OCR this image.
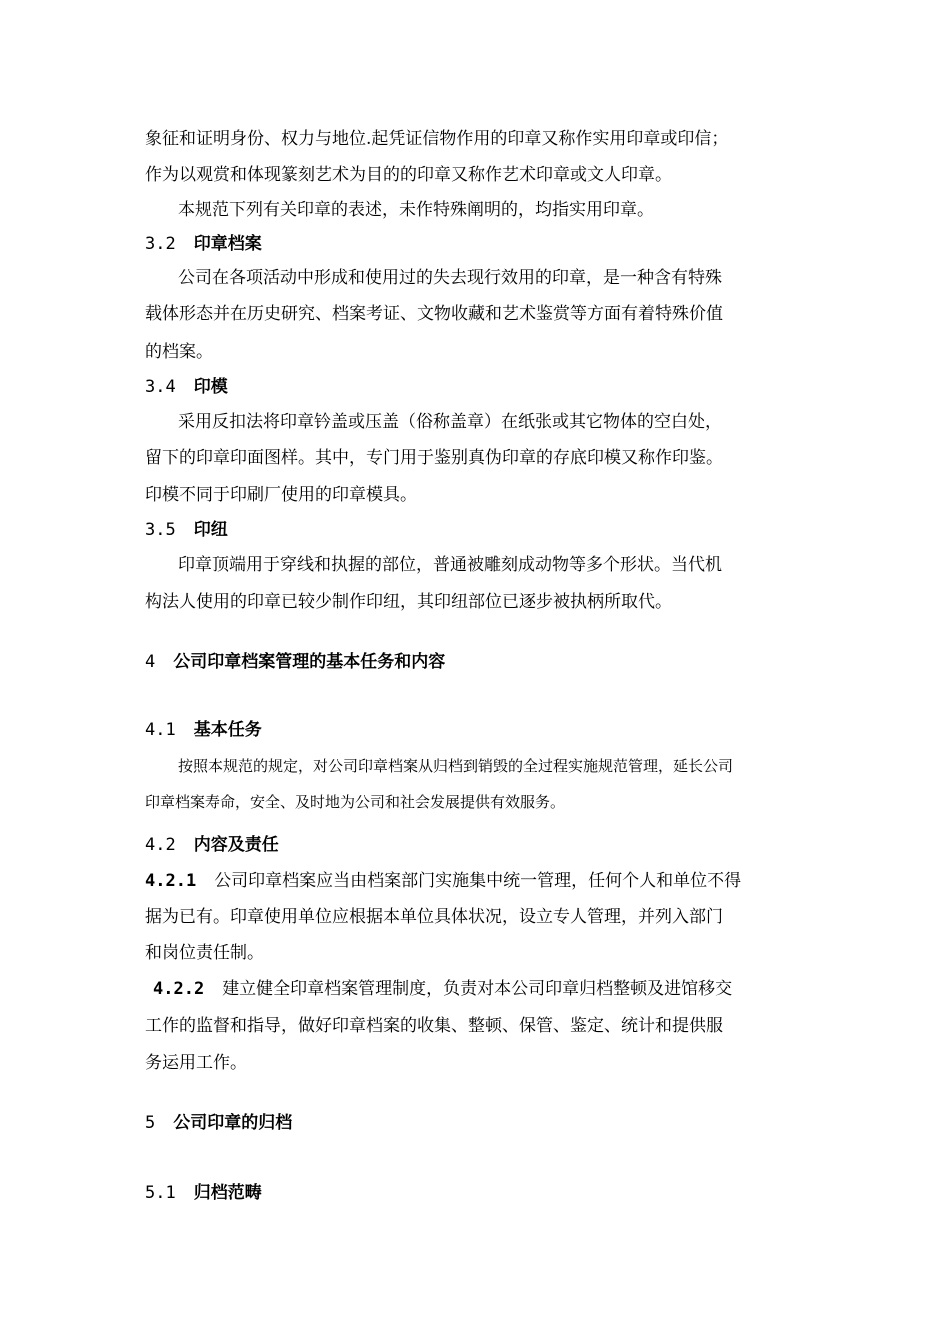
象征和证明身份、权力与地位.起凭证信物作用的印章又称作实用印章或印信；
作为以观赏和体现篆刻艺术为目的的印章又称作艺术印章或文人印章。
本规范下列有关印章的表述，未作特殊阐明的，均指实用印章。
3.2 印章档案
公司在各项活动中形成和使用过的失去现行效用的印章，是一种含有特殊
载体形态并在历史研究、档案考证、文物收藏和艺术鉴赏等方面有着特殊价值
的档案。
3.4 印模
采用反扣法将印章钤盖或压盖（俗称盖章）在纸张或其它物体的空白处，
留下的印章印面图样。其中，专门用于鉴别真伪印章的存底印模又称作印鉴。
印模不同于印刷厂使用的印章模具。
3.5 印纽
印章顶端用于穿线和执握的部位，普通被雕刻成动物等多个形状。当代机
构法人使用的印章已较少制作印纽，其印纽部位已逐步被执柄所取代。
4 公司印章档案管理的基本任务和内容
4.1 基本任务
按照本规范的规定，对公司印章档案从归档到销毁的全过程实施规范管理，延长公司
印章档案寿命，安全、及时地为公司和社会发展提供有效服务。
4.2 内容及责任
4.2.1 公司印章档案应当由档案部门实施集中统一管理，任何个人和单位不得
据为已有。印章使用单位应根据本单位具体状况，设立专人管理，并列入部门
和岗位责任制。
4.2.2 建立健全印章档案管理制度，负责对本公司印章归档整顿及进馆移交
工作的监督和指导，做好印章档案的收集、整顿、保管、鉴定、统计和提供服
务运用工作。
5 公司印章的归档
5.1 归档范畴
